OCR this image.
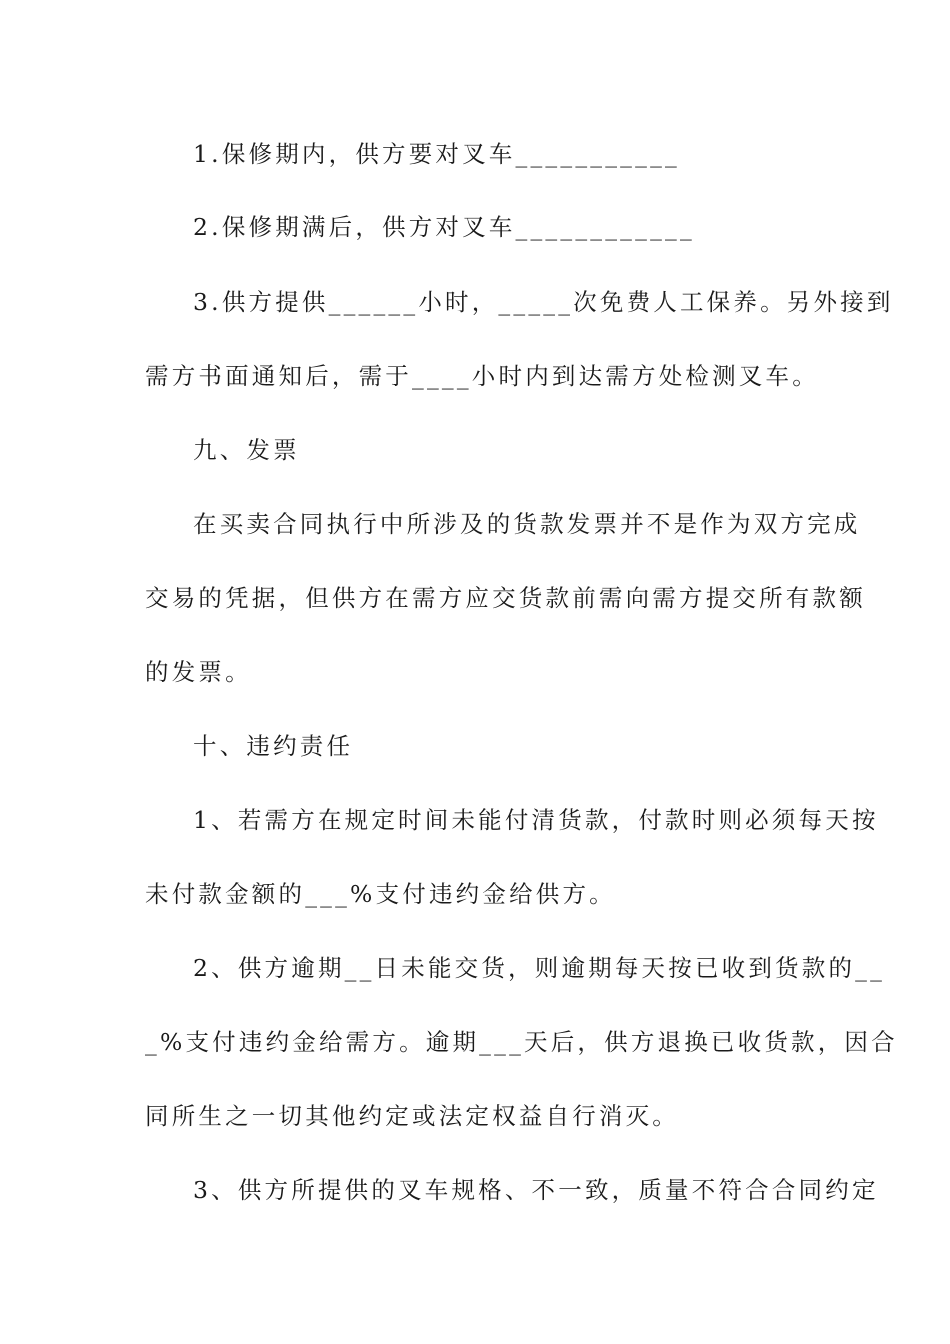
1.保修期内，供方要对叉车___________
2.保修期满后，供方对叉车____________
3.供方提供______小时，_____次免费人工保养。另外接到
需方书面通知后，需于____小时内到达需方处检测叉车。
九、发票
在买卖合同执行中所涉及的货款发票并不是作为双方完成
交易的凭据，但供方在需方应交货款前需向需方提交所有款额
的发票。
十、违约责任
1、若需方在规定时间未能付清货款，付款时则必须每天按
未付款金额的___%支付违约金给供方。
2、供方逾期__日未能交货，则逾期每天按已收到货款的__
_%支付违约金给需方。逾期___天后，供方退换已收货款，因合
同所生之一切其他约定或法定权益自行消灭。
3、供方所提供的叉车规格、不一致，质量不符合合同约定
